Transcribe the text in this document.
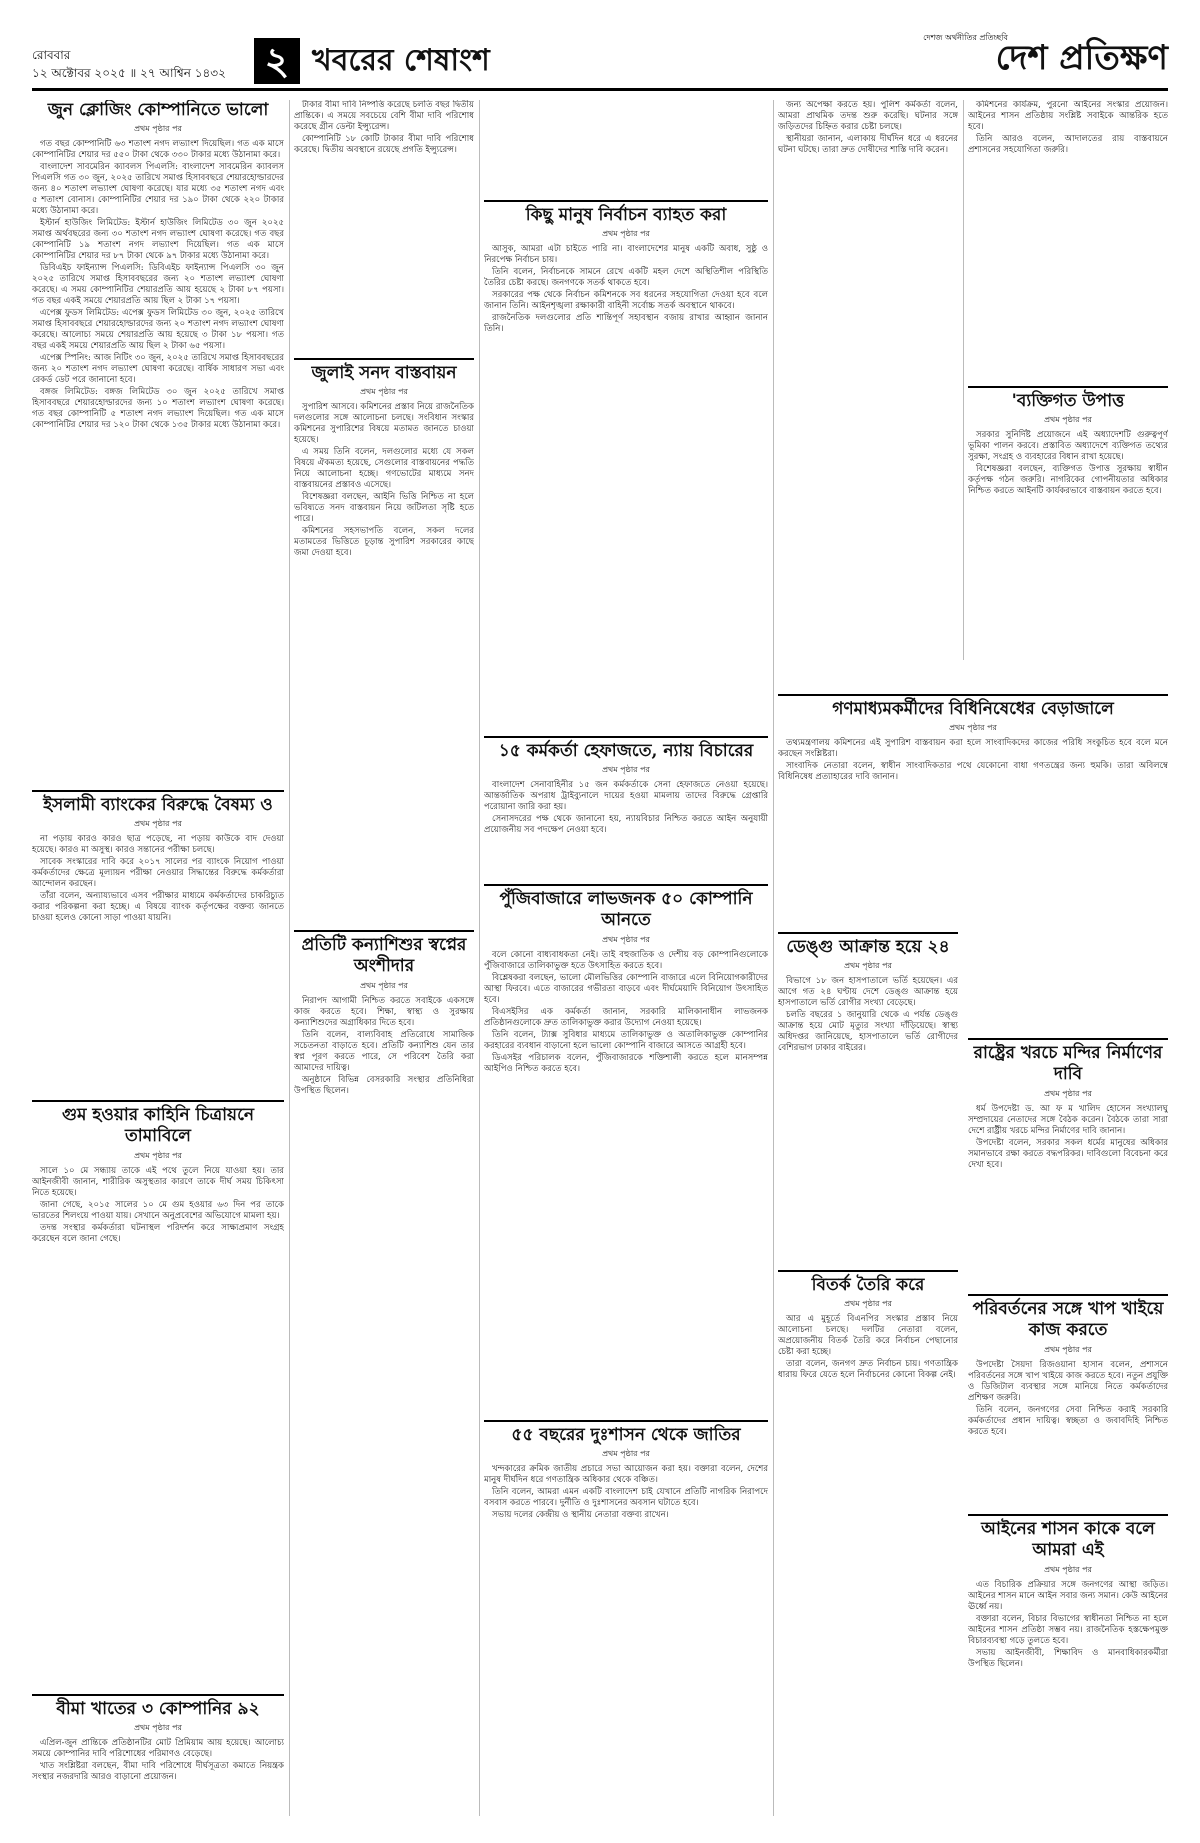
রোববার
১২ অক্টোবর ২০২৫ ॥ ২৭ আশ্বিন ১৪৩২ ২ খবরের শেষাংশ
দেশজ অর্থনীতির প্রতিচ্ছবি
দেশ প্রতিক্ষণ
জুন ক্লোজিং কোম্পানিতে ভালো
প্রথম পৃষ্ঠার পর

গত বছর কোম্পানিটি ৬৩ শতাংশ নগদ লভ্যাংশ দিয়েছিল। গত এক মাসে কোম্পানিটির শেয়ার দর ৫৫০ টাকা থেকে ৩৩০ টাকার মধ্যে উঠানামা করে।

বাংলাদেশ সাবমেরিন ক্যাবলস পিএলসি: বাংলাদেশ সাবমেরিন ক্যাবলস পিএলসি গত ৩০ জুন, ২০২৫ তারিখে সমাপ্ত হিসাববছরে শেয়ারহোল্ডারদের জন্য ৪০ শতাংশ লভ্যাংশ ঘোষণা করেছে। যার মধ্যে ৩৫ শতাংশ নগদ এবং ৫ শতাংশ বোনাস। কোম্পানিটির শেয়ার দর ১৯০ টাকা থেকে ২২০ টাকার মধ্যে উঠানামা করে।

ইস্টার্ন হাউজিং লিমিটেড: ইস্টার্ন হাউজিং লিমিটেড ৩০ জুন ২০২৫ সমাপ্ত অর্থবছরের জন্য ৩০ শতাংশ নগদ লভ্যাংশ ঘোষণা করেছে। গত বছর কোম্পানিটি ১৯ শতাংশ নগদ লভ্যাংশ দিয়েছিল। গত এক মাসে কোম্পানিটির শেয়ার দর ৮৭ টাকা থেকে ৯৭ টাকার মধ্যে উঠানামা করে।

ডিবিএইচ ফাইন্যান্স পিএলসি: ডিবিএইচ ফাইন্যান্স পিএলসি ৩০ জুন ২০২৫ তারিখে সমাপ্ত হিসাববছরের জন্য ২০ শতাংশ লভ্যাংশ ঘোষণা করেছে। এ সময় কোম্পানিটির শেয়ারপ্রতি আয় হয়েছে ২ টাকা ৮৭ পয়সা। গত বছর একই সময়ে শেয়ারপ্রতি আয় ছিল ২ টাকা ১৭ পয়সা।

এপেক্স ফুডস লিমিটেড: এপেক্স ফুডস লিমিটেড ৩০ জুন, ২০২৫ তারিখে সমাপ্ত হিসাববছরে শেয়ারহোল্ডারদের জন্য ২০ শতাংশ নগদ লভ্যাংশ ঘোষণা করেছে। আলোচ্য সময়ে শেয়ারপ্রতি আয় হয়েছে ৩ টাকা ১৮ পয়সা। গত বছর একই সময়ে শেয়ারপ্রতি আয় ছিল ২ টাকা ৬৫ পয়সা।

এপেক্স স্পিনিং: আজ নিটিং ৩০ জুন, ২০২৫ তারিখে সমাপ্ত হিসাববছরের জন্য ২০ শতাংশ নগদ লভ্যাংশ ঘোষণা করেছে। বার্ষিক সাধারণ সভা এবং রেকর্ড ডেট পরে জানানো হবে।

বঙ্গজ লিমিটেড: বঙ্গজ লিমিটেড ৩০ জুন ২০২৫ তারিখে সমাপ্ত হিসাববছরে শেয়ারহোল্ডারদের জন্য ১০ শতাংশ লভ্যাংশ ঘোষণা করেছে। গত বছর কোম্পানিটি ৫ শতাংশ নগদ লভ্যাংশ দিয়েছিল। গত এক মাসে কোম্পানিটির শেয়ার দর ১২০ টাকা থেকে ১৩৫ টাকার মধ্যে উঠানামা করে।

ইসলামী ব্যাংকের বিরুদ্ধে বৈষম্য ও
প্রথম পৃষ্ঠার পর

না পড়ায় কারও কারও ছাত্র পড়েছে, না পড়ায় কাউকে বাদ দেওয়া হয়েছে। কারও মা অসুস্থ। কারও সন্তানের পরীক্ষা চলছে।

সাবেক সংস্কারের দাবি করে ২০১৭ সালের পর ব্যাংকে নিয়োগ পাওয়া কর্মকর্তাদের ক্ষেত্রে মূল্যায়ন পরীক্ষা নেওয়ার সিদ্ধান্তের বিরুদ্ধে কর্মকর্তারা আন্দোলন করছেন।

তাঁরা বলেন, অন্যায্যভাবে এসব পরীক্ষার মাধ্যমে কর্মকর্তাদের চাকরিচ্যুত করার পরিকল্পনা করা হচ্ছে। এ বিষয়ে ব্যাংক কর্তৃপক্ষের বক্তব্য জানতে চাওয়া হলেও কোনো সাড়া পাওয়া যায়নি।

গুম হওয়ার কাহিনি চিত্রায়নে তামাবিলে
প্রথম পৃষ্ঠার পর

সালে ১০ মে সন্ধ্যায় তাকে এই পথে তুলে নিয়ে যাওয়া হয়। তার আইনজীবী জানান, শারীরিক অসুস্থতার কারণে তাকে দীর্ঘ সময় চিকিৎসা নিতে হয়েছে।

জানা গেছে, ২০১৫ সালের ১০ মে গুম হওয়ার ৬৩ দিন পর তাকে ভারতের শিলংয়ে পাওয়া যায়। সেখানে অনুপ্রবেশের অভিযোগে মামলা হয়।

তদন্ত সংস্থার কর্মকর্তারা ঘটনাস্থল পরিদর্শন করে সাক্ষ্যপ্রমাণ সংগ্রহ করেছেন বলে জানা গেছে।

বীমা খাতের ৩ কোম্পানির ৯২
প্রথম পৃষ্ঠার পর

এপ্রিল-জুন প্রান্তিকে প্রতিষ্ঠানটির মোট প্রিমিয়াম আয় হয়েছে। আলোচ্য সময়ে কোম্পানির দাবি পরিশোধের পরিমাণও বেড়েছে।

খাত সংশ্লিষ্টরা বলছেন, বীমা দাবি পরিশোধে দীর্ঘসূত্রতা কমাতে নিয়ন্ত্রক সংস্থার নজরদারি আরও বাড়ানো প্রয়োজন।

টাকার বীমা দাবি নিষ্পত্তি করেছে চলতি বছর দ্বিতীয় প্রান্তিকে। এ সময়ে সবচেয়ে বেশি বীমা দাবি পরিশোধ করেছে গ্রীন ডেল্টা ইন্স্যুরেন্স।

কোম্পানিটি ১৮ কোটি টাকার বীমা দাবি পরিশোধ করেছে। দ্বিতীয় অবস্থানে রয়েছে প্রগতি ইন্স্যুরেন্স।

জুলাই সনদ বাস্তবায়ন
প্রথম পৃষ্ঠার পর

সুপারিশ আসবে। কমিশনের প্রস্তাব নিয়ে রাজনৈতিক দলগুলোর সঙ্গে আলোচনা চলছে। সংবিধান সংস্কার কমিশনের সুপারিশের বিষয়ে মতামত জানতে চাওয়া হয়েছে।

এ সময় তিনি বলেন, দলগুলোর মধ্যে যে সকল বিষয়ে ঐকমত্য হয়েছে, সেগুলোর বাস্তবায়নের পদ্ধতি নিয়ে আলোচনা হচ্ছে। গণভোটের মাধ্যমে সনদ বাস্তবায়নের প্রস্তাবও এসেছে।

বিশেষজ্ঞরা বলছেন, আইনি ভিত্তি নিশ্চিত না হলে ভবিষ্যতে সনদ বাস্তবায়ন নিয়ে জটিলতা সৃষ্টি হতে পারে।

কমিশনের সহসভাপতি বলেন, সকল দলের মতামতের ভিত্তিতে চূড়ান্ত সুপারিশ সরকারের কাছে জমা দেওয়া হবে।

প্রতিটি কন্যাশিশুর স্বপ্নের অংশীদার
প্রথম পৃষ্ঠার পর

নিরাপদ আগামী নিশ্চিত করতে সবাইকে একসঙ্গে কাজ করতে হবে। শিক্ষা, স্বাস্থ্য ও সুরক্ষায় কন্যাশিশুদের অগ্রাধিকার দিতে হবে।

তিনি বলেন, বাল্যবিবাহ প্রতিরোধে সামাজিক সচেতনতা বাড়াতে হবে। প্রতিটি কন্যাশিশু যেন তার স্বপ্ন পূরণ করতে পারে, সে পরিবেশ তৈরি করা আমাদের দায়িত্ব।

অনুষ্ঠানে বিভিন্ন বেসরকারি সংস্থার প্রতিনিধিরা উপস্থিত ছিলেন।

কিছু মানুষ নির্বাচন ব্যাহত করা
প্রথম পৃষ্ঠার পর

আসুক, আমরা এটা চাইতে পারি না। বাংলাদেশের মানুষ একটি অবাধ, সুষ্ঠু ও নিরপেক্ষ নির্বাচন চায়।

তিনি বলেন, নির্বাচনকে সামনে রেখে একটি মহল দেশে অস্থিতিশীল পরিস্থিতি তৈরির চেষ্টা করছে। জনগণকে সতর্ক থাকতে হবে।

সরকারের পক্ষ থেকে নির্বাচন কমিশনকে সব ধরনের সহযোগিতা দেওয়া হবে বলে জানান তিনি। আইনশৃঙ্খলা রক্ষাকারী বাহিনী সর্বোচ্চ সতর্ক অবস্থানে থাকবে।

রাজনৈতিক দলগুলোর প্রতি শান্তিপূর্ণ সহাবস্থান বজায় রাখার আহ্বান জানান তিনি।

১৫ কর্মকর্তা হেফাজতে, ন্যায় বিচারের
প্রথম পৃষ্ঠার পর

বাংলাদেশ সেনাবাহিনীর ১৫ জন কর্মকর্তাকে সেনা হেফাজতে নেওয়া হয়েছে। আন্তর্জাতিক অপরাধ ট্রাইব্যুনালে দায়ের হওয়া মামলায় তাদের বিরুদ্ধে গ্রেপ্তারি পরোয়ানা জারি করা হয়।

সেনাসদরের পক্ষ থেকে জানানো হয়, ন্যায়বিচার নিশ্চিত করতে আইন অনুযায়ী প্রয়োজনীয় সব পদক্ষেপ নেওয়া হবে।

পুঁজিবাজারে লাভজনক ৫০ কোম্পানি আনতে
প্রথম পৃষ্ঠার পর

বলে কোনো বাধ্যবাধকতা নেই। তাই বহুজাতিক ও দেশীয় বড় কোম্পানিগুলোকে পুঁজিবাজারে তালিকাভুক্ত হতে উৎসাহিত করতে হবে।

বিশ্লেষকরা বলছেন, ভালো মৌলভিত্তির কোম্পানি বাজারে এলে বিনিয়োগকারীদের আস্থা ফিরবে। এতে বাজারের গভীরতা বাড়বে এবং দীর্ঘমেয়াদি বিনিয়োগ উৎসাহিত হবে।

বিএসইসির এক কর্মকর্তা জানান, সরকারি মালিকানাধীন লাভজনক প্রতিষ্ঠানগুলোকে দ্রুত তালিকাভুক্ত করার উদ্যোগ নেওয়া হয়েছে।

তিনি বলেন, ট্যাক্স সুবিধার মাধ্যমে তালিকাভুক্ত ও অতালিকাভুক্ত কোম্পানির করহারের ব্যবধান বাড়ানো হলে ভালো কোম্পানি বাজারে আসতে আগ্রহী হবে।

ডিএসইর পরিচালক বলেন, পুঁজিবাজারকে শক্তিশালী করতে হলে মানসম্পন্ন আইপিও নিশ্চিত করতে হবে।

৫৫ বছরের দুঃশাসন থেকে জাতির
প্রথম পৃষ্ঠার পর

খন্দকারের ক্রমিক জাতীয় প্রচারে সভা আয়োজন করা হয়। বক্তারা বলেন, দেশের মানুষ দীর্ঘদিন ধরে গণতান্ত্রিক অধিকার থেকে বঞ্চিত।

তিনি বলেন, আমরা এমন একটি বাংলাদেশ চাই যেখানে প্রতিটি নাগরিক নিরাপদে বসবাস করতে পারবে। দুর্নীতি ও দুঃশাসনের অবসান ঘটাতে হবে।

সভায় দলের কেন্দ্রীয় ও স্থানীয় নেতারা বক্তব্য রাখেন।

জন্য অপেক্ষা করতে হয়। পুলিশ কর্মকর্তা বলেন, আমরা প্রাথমিক তদন্ত শুরু করেছি। ঘটনার সঙ্গে জড়িতদের চিহ্নিত করার চেষ্টা চলছে।

স্থানীয়রা জানান, এলাকায় দীর্ঘদিন ধরে এ ধরনের ঘটনা ঘটছে। তারা দ্রুত দোষীদের শাস্তি দাবি করেন।

ডেঙ্গু আক্রান্ত হয়ে ২৪
প্রথম পৃষ্ঠার পর

বিভাগে ১৮ জন হাসপাতালে ভর্তি হয়েছেন। এর আগে গত ২৪ ঘণ্টায় দেশে ডেঙ্গু আক্রান্ত হয়ে হাসপাতালে ভর্তি রোগীর সংখ্যা বেড়েছে।

চলতি বছরের ১ জানুয়ারি থেকে এ পর্যন্ত ডেঙ্গু আক্রান্ত হয়ে মোট মৃত্যুর সংখ্যা দাঁড়িয়েছে। স্বাস্থ্য অধিদপ্তর জানিয়েছে, হাসপাতালে ভর্তি রোগীদের বেশিরভাগ ঢাকার বাইরের।

বিতর্ক তৈরি করে
প্রথম পৃষ্ঠার পর

আর এ মুহূর্তে বিএনপির সংস্কার প্রস্তাব নিয়ে আলোচনা চলছে। দলটির নেতারা বলেন, অপ্রয়োজনীয় বিতর্ক তৈরি করে নির্বাচন পেছানোর চেষ্টা করা হচ্ছে।

তারা বলেন, জনগণ দ্রুত নির্বাচন চায়। গণতান্ত্রিক ধারায় ফিরে যেতে হলে নির্বাচনের কোনো বিকল্প নেই।

কমিশনের কার্যক্রম, পুরনো আইনের সংস্কার প্রয়োজন। আইনের শাসন প্রতিষ্ঠায় সংশ্লিষ্ট সবাইকে আন্তরিক হতে হবে।

তিনি আরও বলেন, আদালতের রায় বাস্তবায়নে প্রশাসনের সহযোগিতা জরুরি।

'ব্যক্তিগত উপাত্ত
প্রথম পৃষ্ঠার পর

সরকার সুনির্দিষ্ট প্রয়োজনে এই অধ্যাদেশটি গুরুত্বপূর্ণ ভূমিকা পালন করবে। প্রস্তাবিত অধ্যাদেশে ব্যক্তিগত তথ্যের সুরক্ষা, সংগ্রহ ও ব্যবহারের বিধান রাখা হয়েছে।

বিশেষজ্ঞরা বলছেন, ব্যক্তিগত উপাত্ত সুরক্ষায় স্বাধীন কর্তৃপক্ষ গঠন জরুরি। নাগরিকের গোপনীয়তার অধিকার নিশ্চিত করতে আইনটি কার্যকরভাবে বাস্তবায়ন করতে হবে।

গণমাধ্যমকর্মীদের বিধিনিষেধের বেড়াজালে
প্রথম পৃষ্ঠার পর

তথ্যমন্ত্রণালয় কমিশনের এই সুপারিশ বাস্তবায়ন করা হলে সাংবাদিকদের কাজের পরিধি সংকুচিত হবে বলে মনে করছেন সংশ্লিষ্টরা।

সাংবাদিক নেতারা বলেন, স্বাধীন সাংবাদিকতার পথে যেকোনো বাধা গণতন্ত্রের জন্য হুমকি। তারা অবিলম্বে বিধিনিষেধ প্রত্যাহারের দাবি জানান।

রাষ্ট্রের খরচে মন্দির নির্মাণের দাবি
প্রথম পৃষ্ঠার পর

ধর্ম উপদেষ্টা ড. আ ফ ম খালিদ হোসেন সংখ্যালঘু সম্প্রদায়ের নেতাদের সঙ্গে বৈঠক করেন। বৈঠকে তারা সারা দেশে রাষ্ট্রীয় খরচে মন্দির নির্মাণের দাবি জানান।

উপদেষ্টা বলেন, সরকার সকল ধর্মের মানুষের অধিকার সমানভাবে রক্ষা করতে বদ্ধপরিকর। দাবিগুলো বিবেচনা করে দেখা হবে।

পরিবর্তনের সঙ্গে খাপ খাইয়ে কাজ করতে
প্রথম পৃষ্ঠার পর

উপদেষ্টা সৈয়দা রিজওয়ানা হাসান বলেন, প্রশাসনে পরিবর্তনের সঙ্গে খাপ খাইয়ে কাজ করতে হবে। নতুন প্রযুক্তি ও ডিজিটাল ব্যবস্থার সঙ্গে মানিয়ে নিতে কর্মকর্তাদের প্রশিক্ষণ জরুরি।

তিনি বলেন, জনগণের সেবা নিশ্চিত করাই সরকারি কর্মকর্তাদের প্রধান দায়িত্ব। স্বচ্ছতা ও জবাবদিহি নিশ্চিত করতে হবে।

আইনের শাসন কাকে বলে আমরা এই
প্রথম পৃষ্ঠার পর

এত বিচারিক প্রক্রিয়ার সঙ্গে জনগণের আস্থা জড়িত। আইনের শাসন মানে আইন সবার জন্য সমান। কেউ আইনের ঊর্ধ্বে নয়।

বক্তারা বলেন, বিচার বিভাগের স্বাধীনতা নিশ্চিত না হলে আইনের শাসন প্রতিষ্ঠা সম্ভব নয়। রাজনৈতিক হস্তক্ষেপমুক্ত বিচারব্যবস্থা গড়ে তুলতে হবে।

সভায় আইনজীবী, শিক্ষাবিদ ও মানবাধিকারকর্মীরা উপস্থিত ছিলেন।
